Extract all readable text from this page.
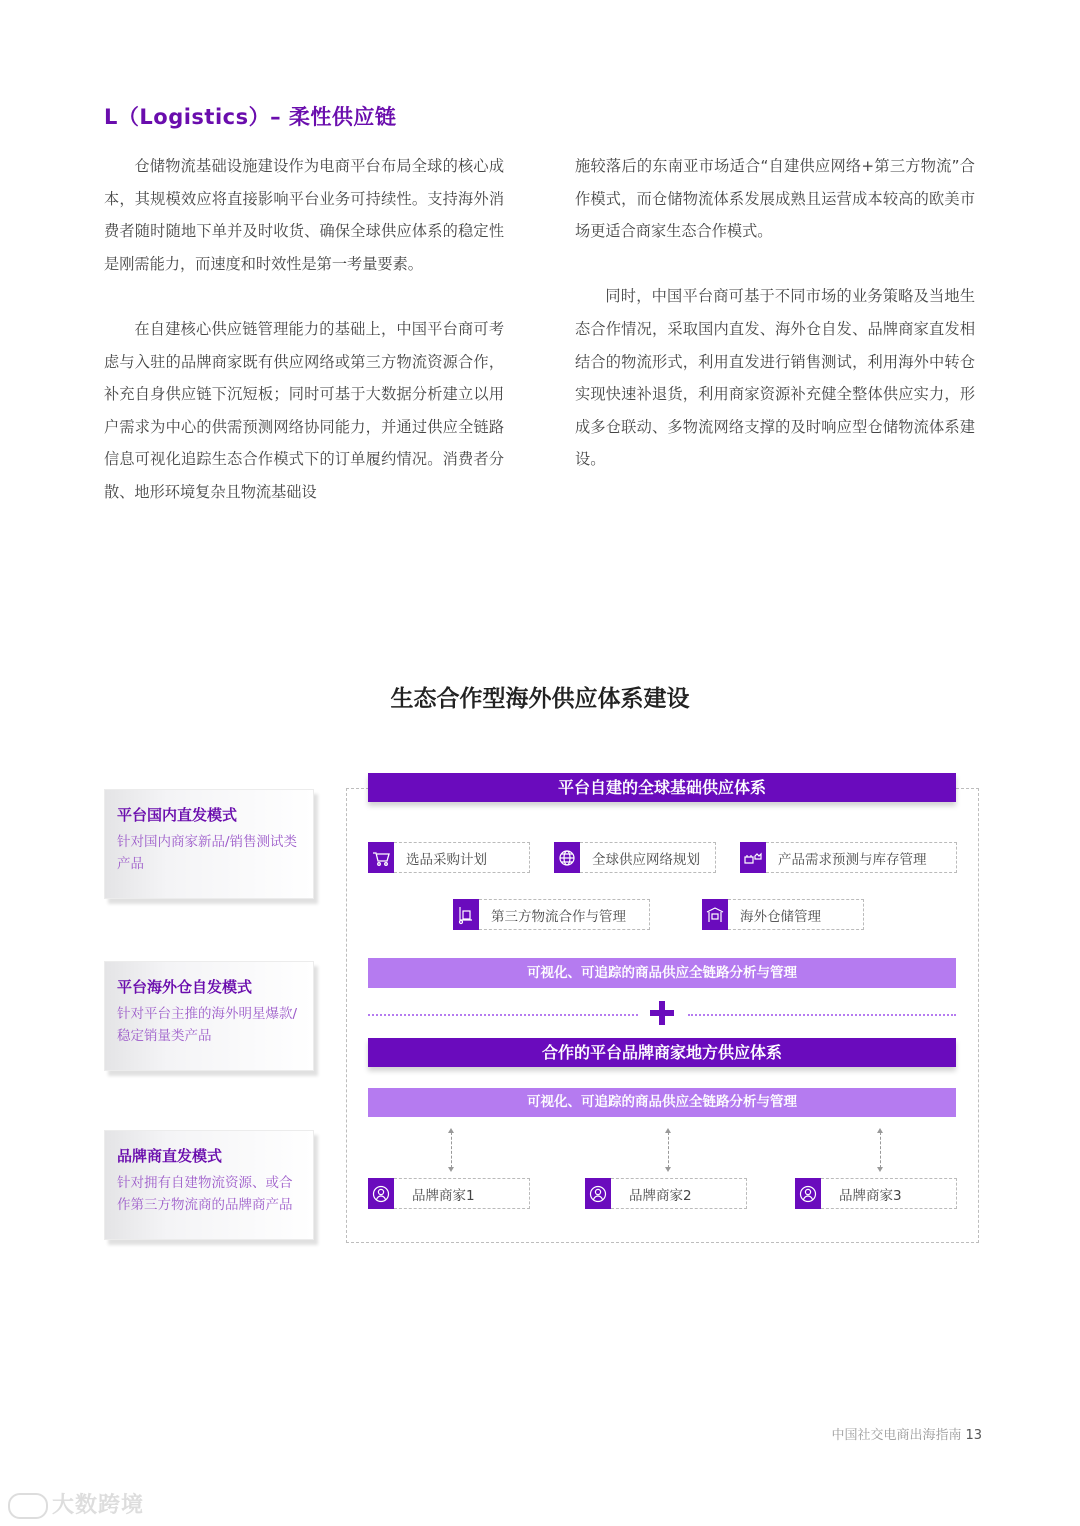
L（Logistics）– 柔性供应链

仓储物流基础设施建设作为电商平台布局全球的核心成本，其规模效应将直接影响平台业务可持续性。支持海外消费者随时随地下单并及时收货、确保全球供应体系的稳定性是刚需能力，而速度和时效性是第一考量要素。

在自建核心供应链管理能力的基础上，中国平台商可考虑与入驻的品牌商家既有供应网络或第三方物流资源合作，补充自身供应链下沉短板；同时可基于大数据分析建立以用户需求为中心的供需预测网络协同能力，并通过供应全链路信息可视化追踪生态合作模式下的订单履约情况。消费者分散、地形环境复杂且物流基础设

施较落后的东南亚市场适合“自建供应网络+第三方物流”合作模式，而仓储物流体系发展成熟且运营成本较高的欧美市场更适合商家生态合作模式。

同时，中国平台商可基于不同市场的业务策略及当地生态合作情况，采取国内直发、海外仓自发、品牌商家直发相结合的物流形式，利用直发进行销售测试，利用海外中转仓实现快速补退货，利用商家资源补充健全整体供应实力，形成多仓联动、多物流网络支撑的及时响应型仓储物流体系建设。

生态合作型海外供应体系建设
平台国内直发模式
针对国内商家新品/销售测试类产品
平台海外仓自发模式
针对平台主推的海外明星爆款/稳定销量类产品
品牌商直发模式
针对拥有自建物流资源、或合作第三方物流商的品牌商产品
平台自建的全球基础供应体系
选品采购计划	全球供应网络规划	产品需求预测与库存管理
第三方物流合作与管理	海外仓储管理
可视化、可追踪的商品供应全链路分析与管理
合作的平台品牌商家地方供应体系
可视化、可追踪的商品供应全链路分析与管理
品牌商家1	品牌商家2	品牌商家3
中国社交电商出海指南 13
大数跨境
